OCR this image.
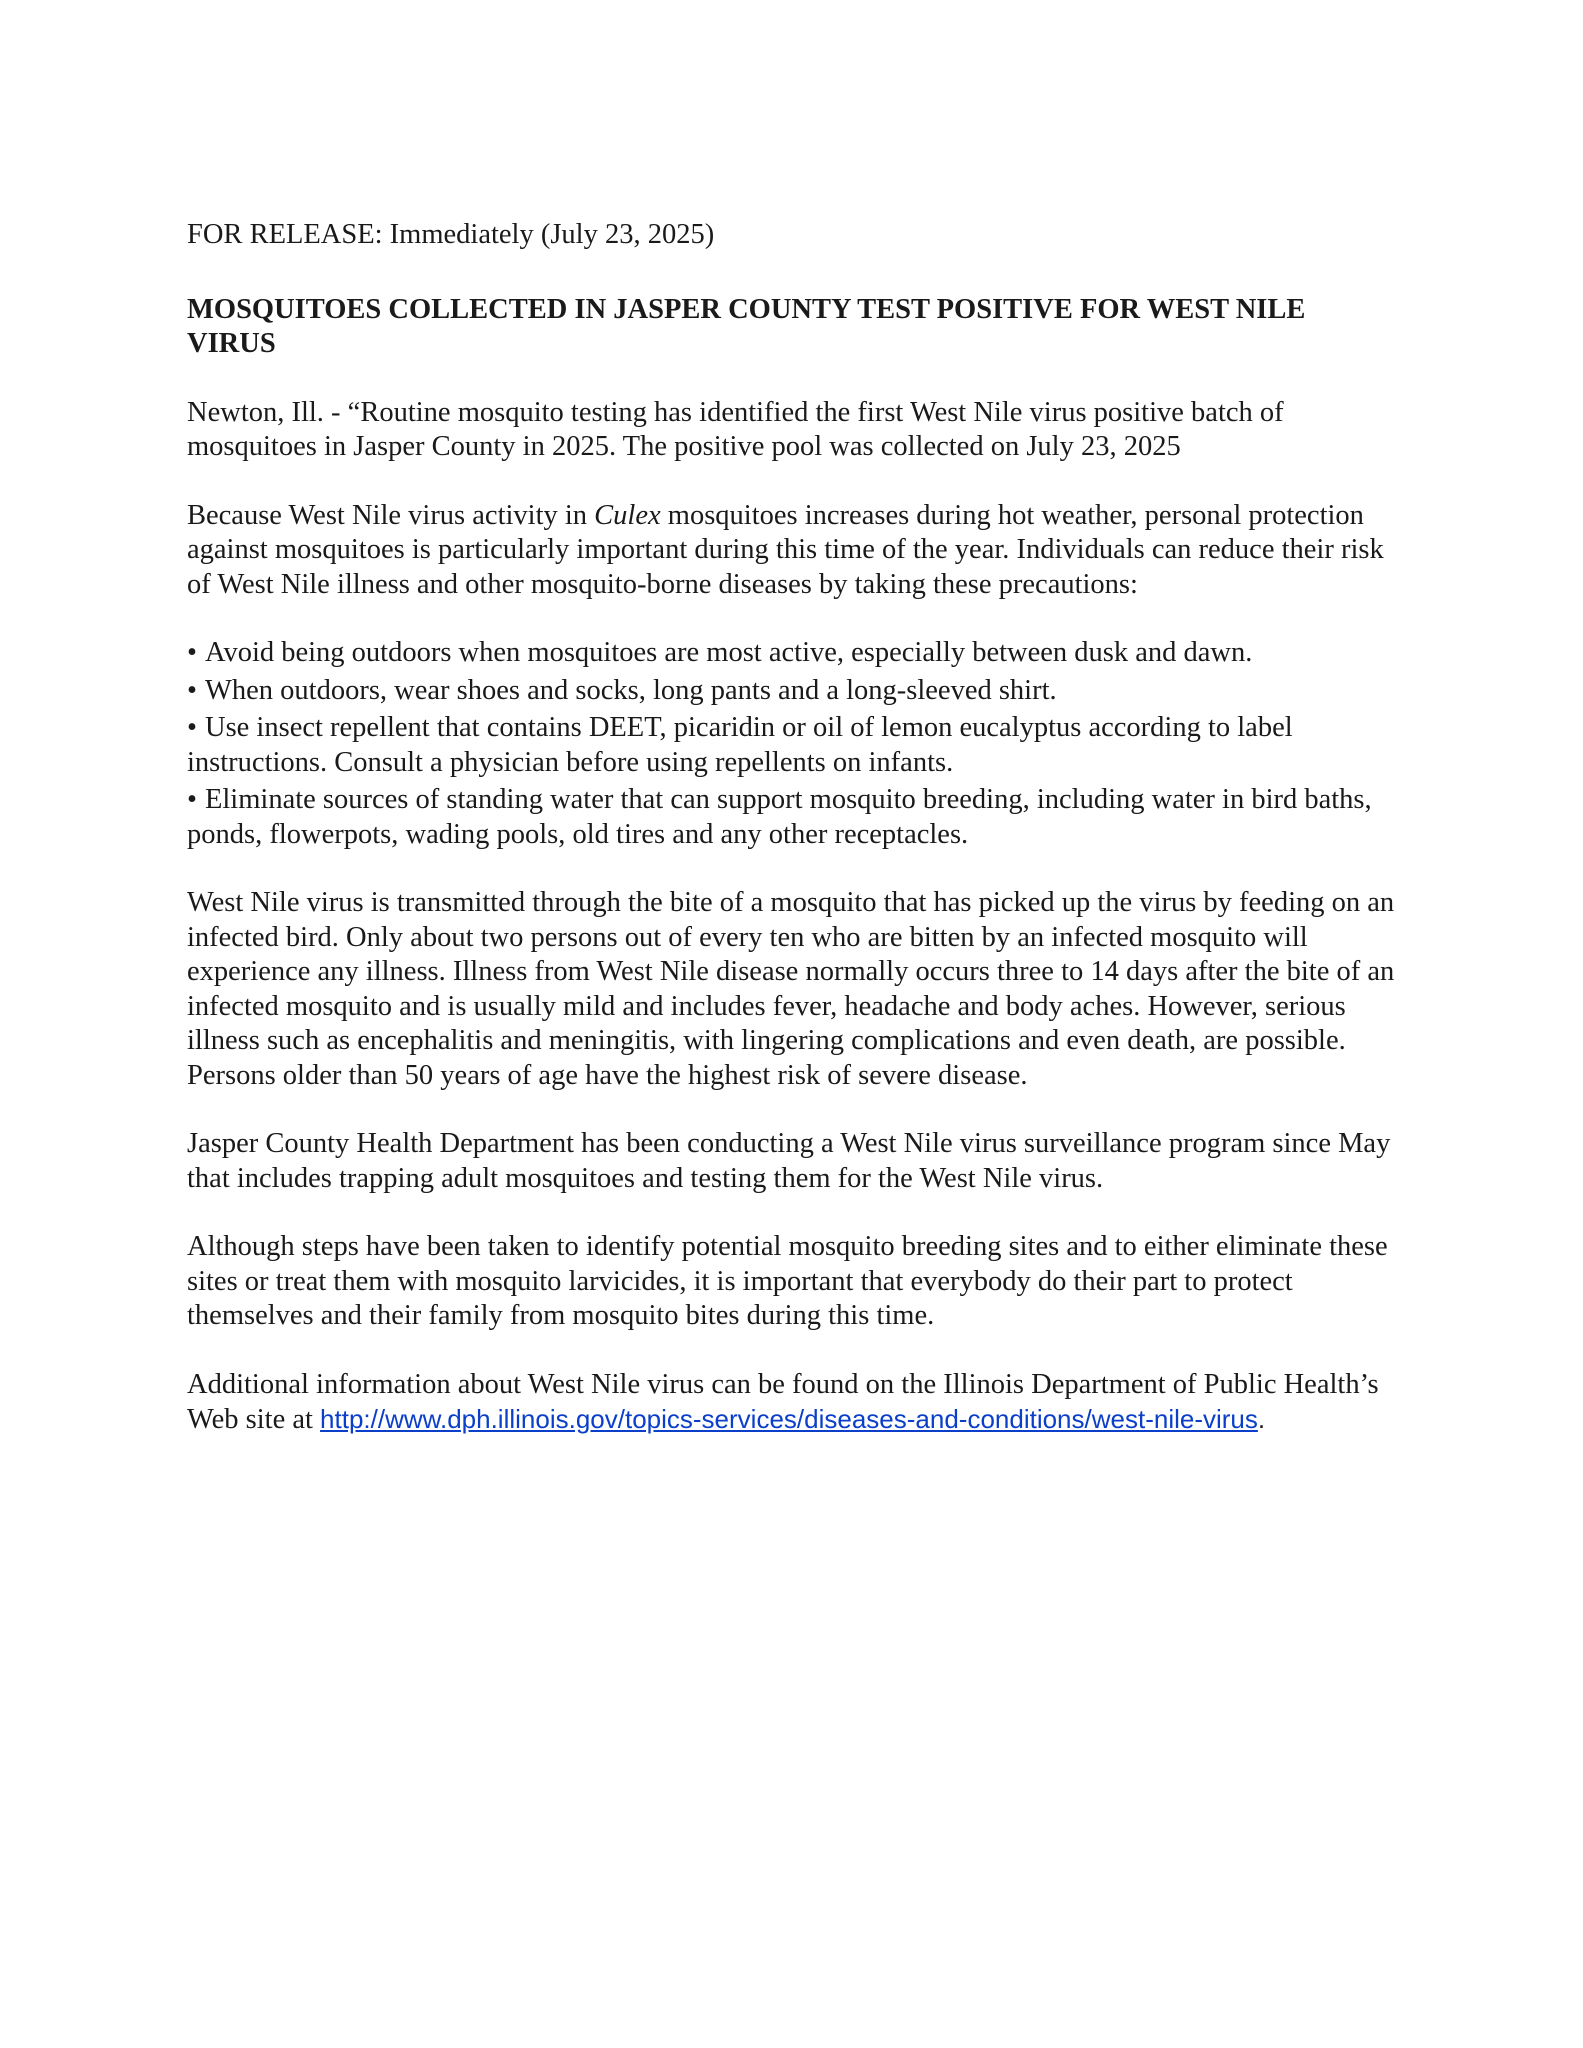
FOR RELEASE: Immediately (July 23, 2025)
MOSQUITOES COLLECTED IN JASPER COUNTY TEST POSITIVE FOR WEST NILE VIRUS

Newton, Ill. - “Routine mosquito testing has identified the first West Nile virus positive batch of mosquitoes in Jasper County in 2025. The positive pool was collected on July 23, 2025

Because West Nile virus activity in Culex mosquitoes increases during hot weather, personal protection against mosquitoes is particularly important during this time of the year. Individuals can reduce their risk of West Nile illness and other mosquito-borne diseases by taking these precautions:

• Avoid being outdoors when mosquitoes are most active, especially between dusk and dawn.
• When outdoors, wear shoes and socks, long pants and a long-sleeved shirt.
• Use insect repellent that contains DEET, picaridin or oil of lemon eucalyptus according to label instructions. Consult a physician before using repellents on infants.
• Eliminate sources of standing water that can support mosquito breeding, including water in bird baths, ponds, flowerpots, wading pools, old tires and any other receptacles.

West Nile virus is transmitted through the bite of a mosquito that has picked up the virus by feeding on an infected bird. Only about two persons out of every ten who are bitten by an infected mosquito will experience any illness. Illness from West Nile disease normally occurs three to 14 days after the bite of an infected mosquito and is usually mild and includes fever, headache and body aches. However, serious illness such as encephalitis and meningitis, with lingering complications and even death, are possible. Persons older than 50 years of age have the highest risk of severe disease.

Jasper County Health Department has been conducting a West Nile virus surveillance program since May that includes trapping adult mosquitoes and testing them for the West Nile virus.

Although steps have been taken to identify potential mosquito breeding sites and to either eliminate these sites or treat them with mosquito larvicides, it is important that everybody do their part to protect themselves and their family from mosquito bites during this time.

Additional information about West Nile virus can be found on the Illinois Department of Public Health’s Web site at http://www.dph.illinois.gov/topics-services/diseases-and-conditions/west-nile-virus.
